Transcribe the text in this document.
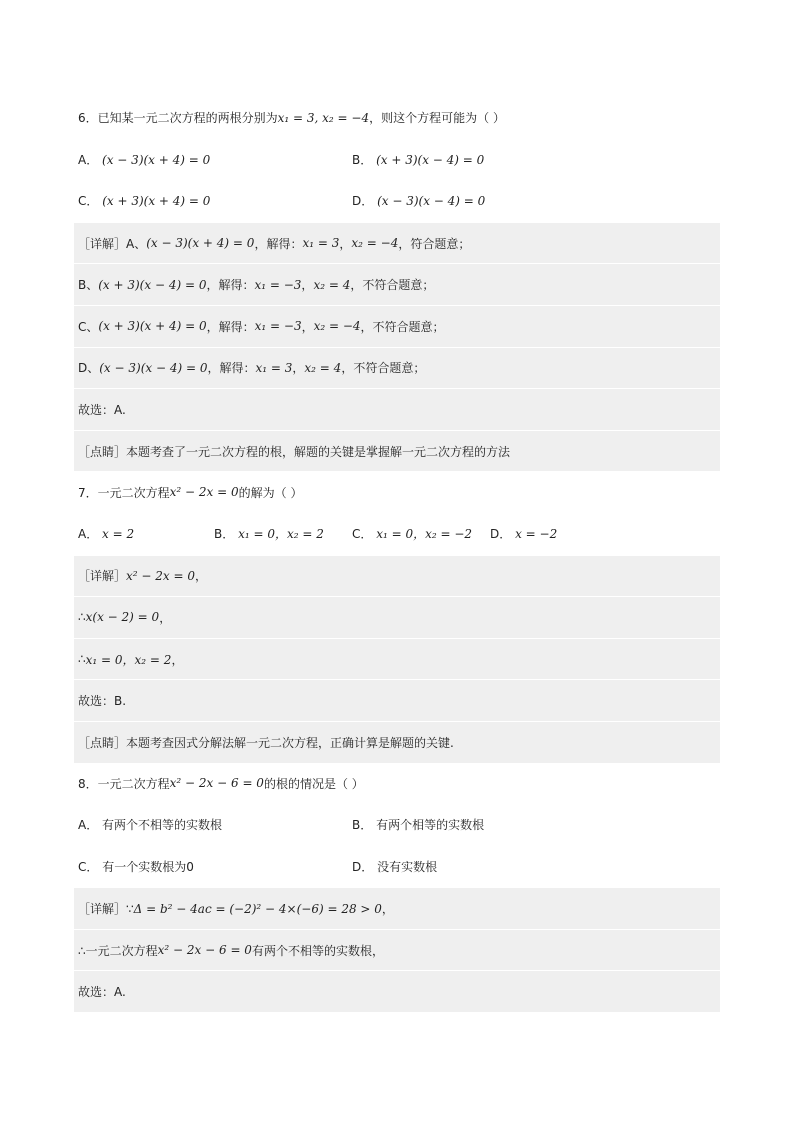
6．已知某一元二次方程的两根分别为 x₁ = 3, x₂ = −4 ，则这个方程可能为（ ）
A． (x − 3)(x + 4) = 0	B． (x + 3)(x − 4) = 0
C． (x + 3)(x + 4) = 0	D． (x − 3)(x − 4) = 0
［详解］A、 (x − 3)(x + 4) = 0 ，解得： x₁ = 3 ， x₂ = −4 ，符合题意；
B、 (x + 3)(x − 4) = 0 ，解得： x₁ = −3 ， x₂ = 4 ，不符合题意；
C、 (x + 3)(x + 4) = 0 ，解得： x₁ = −3 ， x₂ = −4 ，不符合题意；
D、 (x − 3)(x − 4) = 0 ，解得： x₁ = 3 ， x₂ = 4 ，不符合题意；
故选：A.
［点睛］本题考查了一元二次方程的根，解题的关键是掌握解一元二次方程的方法
7．一元二次方程 x² − 2x = 0 的解为（ ）
A． x = 2	B． x₁ = 0，x₂ = 2 C． x₁ = 0，x₂ = −2 D． x = −2
［详解］ x² − 2x = 0 ，
∴ x(x − 2) = 0 ，
∴ x₁ = 0，x₂ = 2 ，
故选：B.
［点睛］本题考查因式分解法解一元二次方程，正确计算是解题的关键.
8．一元二次方程 x² − 2x − 6 = 0 的根的情况是（ ）
A． 有两个不相等的实数根	B． 有两个相等的实数根
C． 有一个实数根为0	D． 没有实数根
［详解］∵ Δ = b² − 4ac = (−2)² − 4×(−6) = 28 > 0 ，
∴一元二次方程 x² − 2x − 6 = 0 有两个不相等的实数根，
故选：A.
